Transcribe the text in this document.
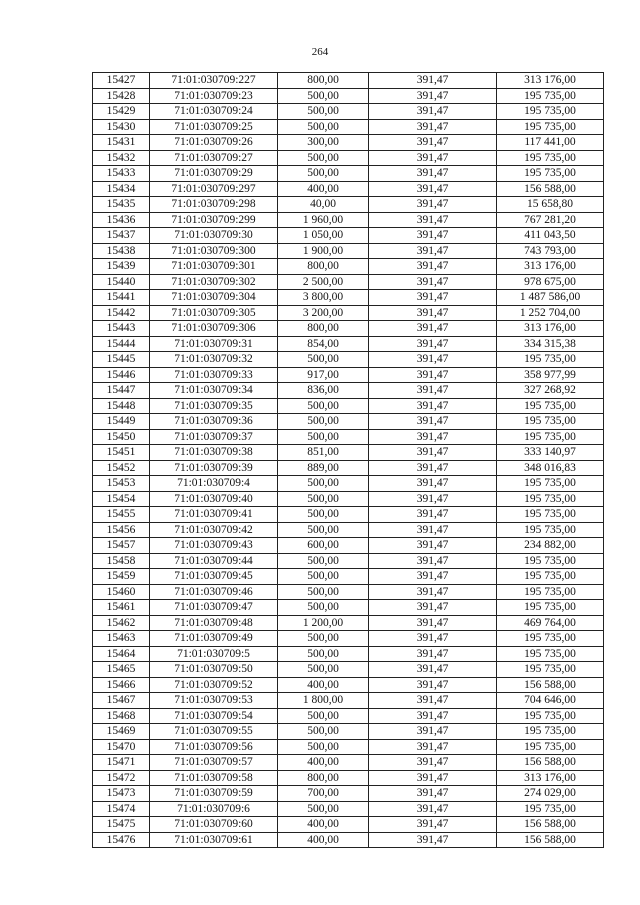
264
15427	71:01:030709:227	800,00	391,47	313 176,00
15428	71:01:030709:23	500,00	391,47	195 735,00
15429	71:01:030709:24	500,00	391,47	195 735,00
15430	71:01:030709:25	500,00	391,47	195 735,00
15431	71:01:030709:26	300,00	391,47	117 441,00
15432	71:01:030709:27	500,00	391,47	195 735,00
15433	71:01:030709:29	500,00	391,47	195 735,00
15434	71:01:030709:297	400,00	391,47	156 588,00
15435	71:01:030709:298	40,00	391,47	15 658,80
15436	71:01:030709:299	1 960,00	391,47	767 281,20
15437	71:01:030709:30	1 050,00	391,47	411 043,50
15438	71:01:030709:300	1 900,00	391,47	743 793,00
15439	71:01:030709:301	800,00	391,47	313 176,00
15440	71:01:030709:302	2 500,00	391,47	978 675,00
15441	71:01:030709:304	3 800,00	391,47	1 487 586,00
15442	71:01:030709:305	3 200,00	391,47	1 252 704,00
15443	71:01:030709:306	800,00	391,47	313 176,00
15444	71:01:030709:31	854,00	391,47	334 315,38
15445	71:01:030709:32	500,00	391,47	195 735,00
15446	71:01:030709:33	917,00	391,47	358 977,99
15447	71:01:030709:34	836,00	391,47	327 268,92
15448	71:01:030709:35	500,00	391,47	195 735,00
15449	71:01:030709:36	500,00	391,47	195 735,00
15450	71:01:030709:37	500,00	391,47	195 735,00
15451	71:01:030709:38	851,00	391,47	333 140,97
15452	71:01:030709:39	889,00	391,47	348 016,83
15453	71:01:030709:4	500,00	391,47	195 735,00
15454	71:01:030709:40	500,00	391,47	195 735,00
15455	71:01:030709:41	500,00	391,47	195 735,00
15456	71:01:030709:42	500,00	391,47	195 735,00
15457	71:01:030709:43	600,00	391,47	234 882,00
15458	71:01:030709:44	500,00	391,47	195 735,00
15459	71:01:030709:45	500,00	391,47	195 735,00
15460	71:01:030709:46	500,00	391,47	195 735,00
15461	71:01:030709:47	500,00	391,47	195 735,00
15462	71:01:030709:48	1 200,00	391,47	469 764,00
15463	71:01:030709:49	500,00	391,47	195 735,00
15464	71:01:030709:5	500,00	391,47	195 735,00
15465	71:01:030709:50	500,00	391,47	195 735,00
15466	71:01:030709:52	400,00	391,47	156 588,00
15467	71:01:030709:53	1 800,00	391,47	704 646,00
15468	71:01:030709:54	500,00	391,47	195 735,00
15469	71:01:030709:55	500,00	391,47	195 735,00
15470	71:01:030709:56	500,00	391,47	195 735,00
15471	71:01:030709:57	400,00	391,47	156 588,00
15472	71:01:030709:58	800,00	391,47	313 176,00
15473	71:01:030709:59	700,00	391,47	274 029,00
15474	71:01:030709:6	500,00	391,47	195 735,00
15475	71:01:030709:60	400,00	391,47	156 588,00
15476	71:01:030709:61	400,00	391,47	156 588,00
